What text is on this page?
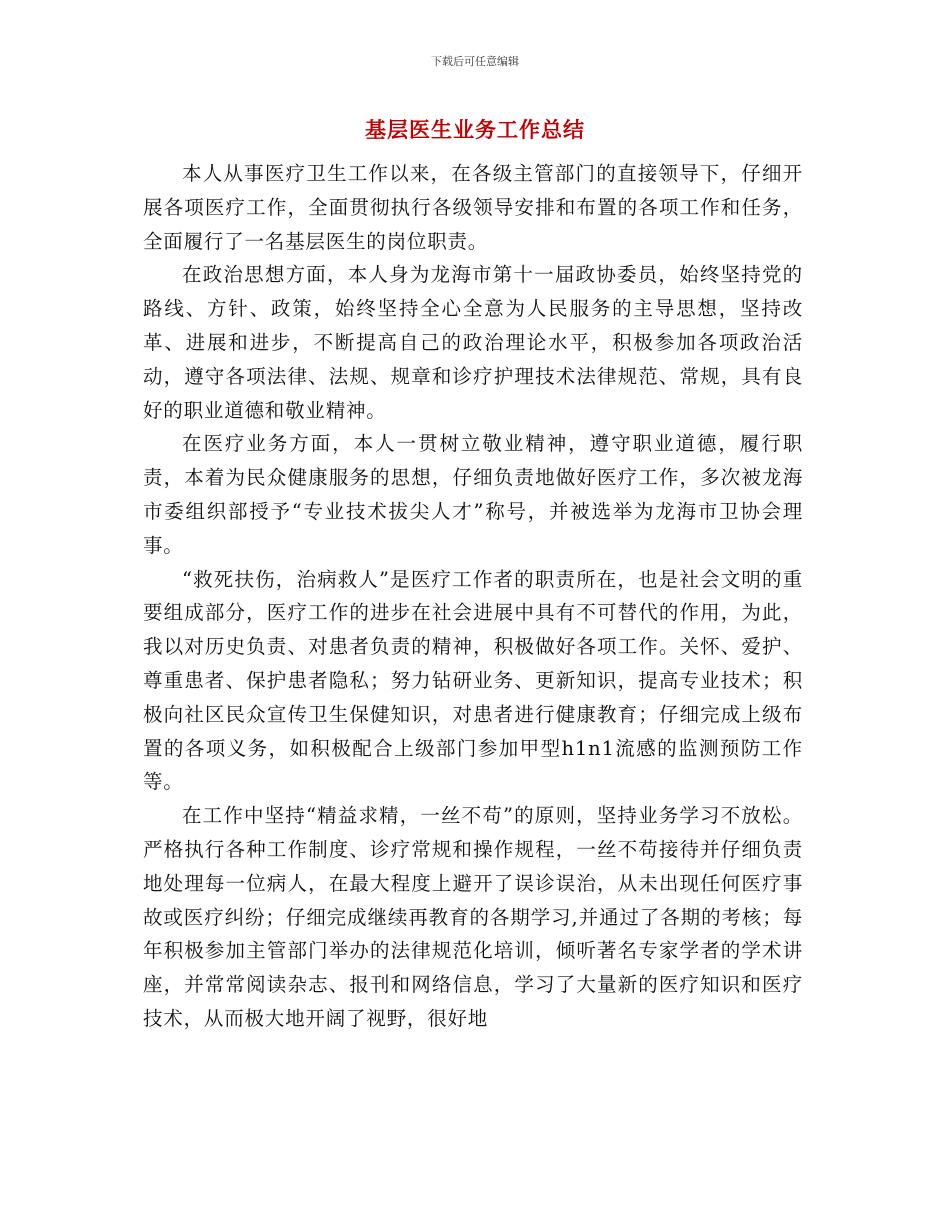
下载后可任意编辑
基层医生业务工作总结

本人从事医疗卫生工作以来，在各级主管部门的直接领导下，仔细开展各项医疗工作，全面贯彻执行各级领导安排和布置的各项工作和任务，全面履行了一名基层医生的岗位职责。

在政治思想方面，本人身为龙海市第十一届政协委员，始终坚持党的路线、方针、政策，始终坚持全心全意为人民服务的主导思想，坚持改革、进展和进步，不断提高自己的政治理论水平，积极参加各项政治活动，遵守各项法律、法规、规章和诊疗护理技术法律规范、常规，具有良好的职业道德和敬业精神。

在医疗业务方面，本人一贯树立敬业精神，遵守职业道德，履行职责，本着为民众健康服务的思想，仔细负责地做好医疗工作，多次被龙海市委组织部授予“专业技术拔尖人才”称号，并被选举为龙海市卫协会理事。

“救死扶伤，治病救人”是医疗工作者的职责所在，也是社会文明的重要组成部分，医疗工作的进步在社会进展中具有不可替代的作用，为此，我以对历史负责、对患者负责的精神，积极做好各项工作。关怀、爱护、尊重患者、保护患者隐私；努力钻研业务、更新知识，提高专业技术；积极向社区民众宣传卫生保健知识，对患者进行健康教育；仔细完成上级布置的各项义务，如积极配合上级部门参加甲型h1n1流感的监测预防工作等。

在工作中坚持“精益求精，一丝不苟”的原则，坚持业务学习不放松。严格执行各种工作制度、诊疗常规和操作规程，一丝不苟接待并仔细负责地处理每一位病人，在最大程度上避开了误诊误治，从未出现任何医疗事故或医疗纠纷；仔细完成继续再教育的各期学习,并通过了各期的考核；每年积极参加主管部门举办的法律规范化培训，倾听著名专家学者的学术讲座，并常常阅读杂志、报刊和网络信息，学习了大量新的医疗知识和医疗技术，从而极大地开阔了视野，很好地
